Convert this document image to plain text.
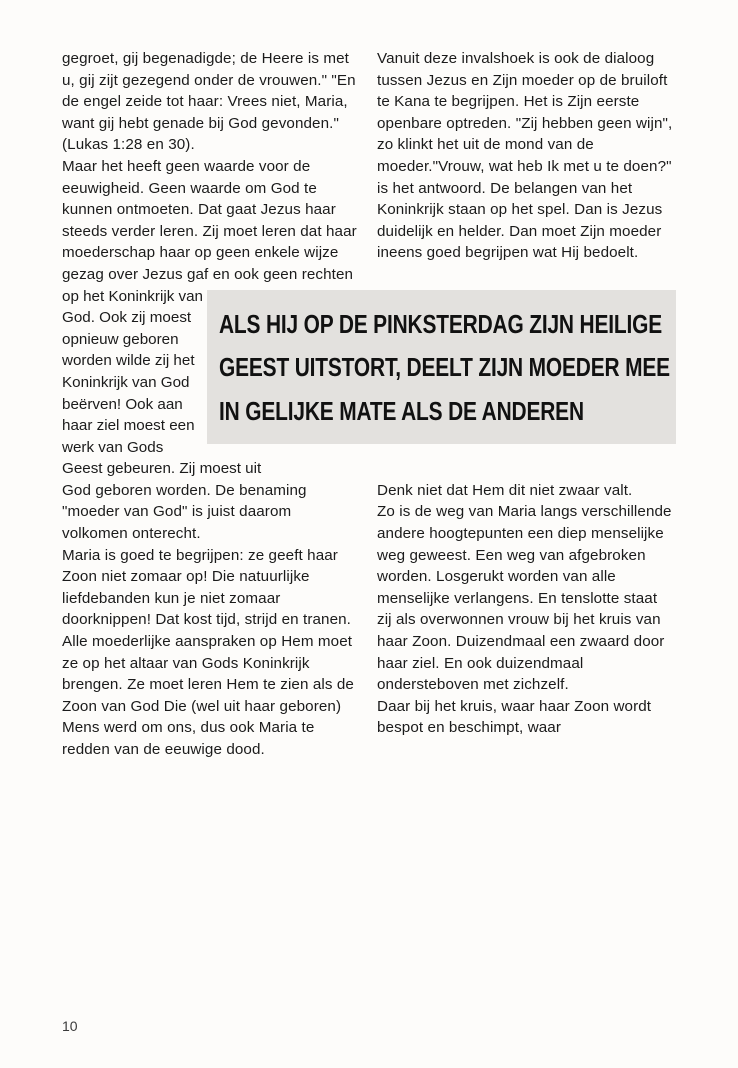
gegroet, gij begenadigde; de Heere is met u, gij zijt gezegend onder de vrouwen." "En de engel zeide tot haar: Vrees niet, Maria, want gij hebt genade bij God gevonden." (Lukas 1:28 en 30).

Maar het heeft geen waarde voor de eeuwigheid. Geen waarde om God te kunnen ontmoeten. Dat gaat Jezus haar steeds verder leren. Zij moet leren dat haar moederschap haar op geen enkele wijze gezag over Jezus gaf en ook geen rechten

Vanuit deze invalshoek is ook de dialoog tussen Jezus en Zijn moeder op de bruiloft te Kana te begrijpen. Het is Zijn eerste openbare optreden. "Zij hebben geen wijn", zo klinkt het uit de mond van de moeder."Vrouw, wat heb Ik met u te doen?" is het antwoord. De belangen van het Koninkrijk staan op het spel. Dan is Jezus duidelijk en helder. Dan moet Zijn moeder ineens goed begrijpen wat Hij bedoelt.

ALS HIJ OP DE PINKSTERDAG ZIJN HEILIGE
GEEST UITSTORT, DEELT ZIJN MOEDER MEE
IN GELIJKE MATE ALS DE ANDEREN
op het Koninkrijk van God. Ook zij moest opnieuw geboren worden wilde zij het Koninkrijk van God beërven! Ook aan haar ziel moest een werk van Gods Geest gebeuren. Zij moest uit

God geboren worden. De benaming "moeder van God" is juist daarom volkomen onterecht.

Maria is goed te begrijpen: ze geeft haar Zoon niet zomaar op! Die natuurlijke liefdebanden kun je niet zomaar doorknippen! Dat kost tijd, strijd en tranen. Alle moederlijke aanspraken op Hem moet ze op het altaar van Gods Koninkrijk brengen. Ze moet leren Hem te zien als de Zoon van God Die (wel uit haar geboren) Mens werd om ons, dus ook Maria te redden van de eeuwige dood.

Denk niet dat Hem dit niet zwaar valt.

Zo is de weg van Maria langs verschillende andere hoogtepunten een diep menselijke weg geweest. Een weg van afgebroken worden. Losgerukt worden van alle menselijke verlangens. En tenslotte staat zij als overwonnen vrouw bij het kruis van haar Zoon. Duizendmaal een zwaard door haar ziel. En ook duizendmaal ondersteboven met zichzelf.

Daar bij het kruis, waar haar Zoon wordt bespot en beschimpt, waar

10
